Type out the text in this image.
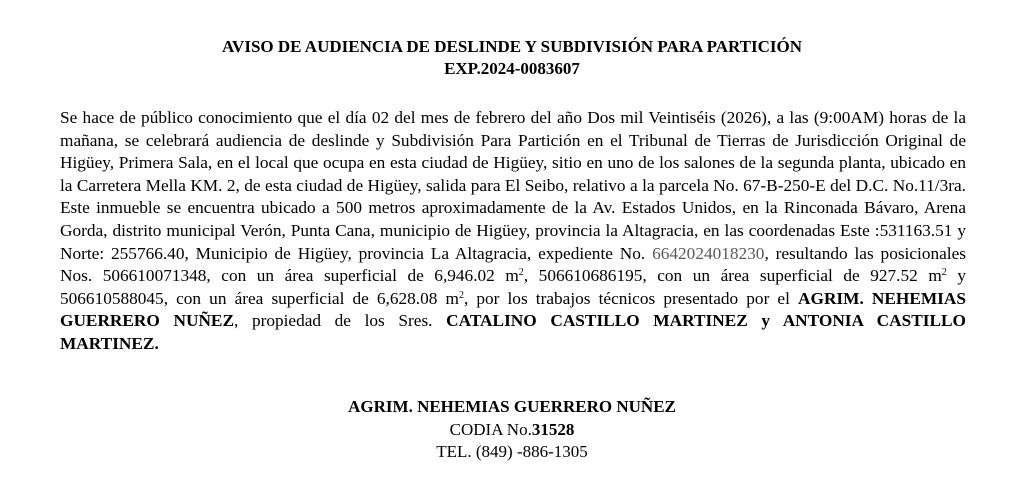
AVISO DE AUDIENCIA DE DESLINDE Y SUBDIVISIÓN PARA PARTICIÓN
EXP.2024-0083607
Se hace de público conocimiento que el día 02 del mes de febrero del año Dos mil Veintiséis (2026), a las (9:00AM) horas de la mañana, se celebrará audiencia de deslinde y Subdivisión Para Partición en el Tribunal de Tierras de Jurisdicción Original de Higüey, Primera Sala, en el local que ocupa en esta ciudad de Higüey, sitio en uno de los salones de la segunda planta, ubicado en la Carretera Mella KM. 2, de esta ciudad de Higüey, salida para El Seibo, relativo a la parcela No. 67-B-250-E del D.C. No.11/3ra. Este inmueble se encuentra ubicado a 500 metros aproximadamente de la Av. Estados Unidos, en la Rinconada Bávaro, Arena Gorda, distrito municipal Verón, Punta Cana, municipio de Higüey, provincia la Altagracia, en las coordenadas Este :531163.51 y Norte: 255766.40, Municipio de Higüey, provincia La Altagracia, expediente No. 6642024018230, resultando las posicionales Nos. 506610071348, con un área superficial de 6,946.02 $m^2$, 506610686195, con un área superficial de 927.52 $m^2$ y 506610588045, con un área superficial de 6,628.08 $m^2$, por los trabajos técnicos presentado por el AGRIM. NEHEMIAS GUERRERO NUÑEZ, propiedad de los Sres. CATALINO CASTILLO MARTINEZ y ANTONIA CASTILLO MARTINEZ.
AGRIM. NEHEMIAS GUERRERO NUÑEZ
CODIA No.31528
TEL. (849) -886-1305
